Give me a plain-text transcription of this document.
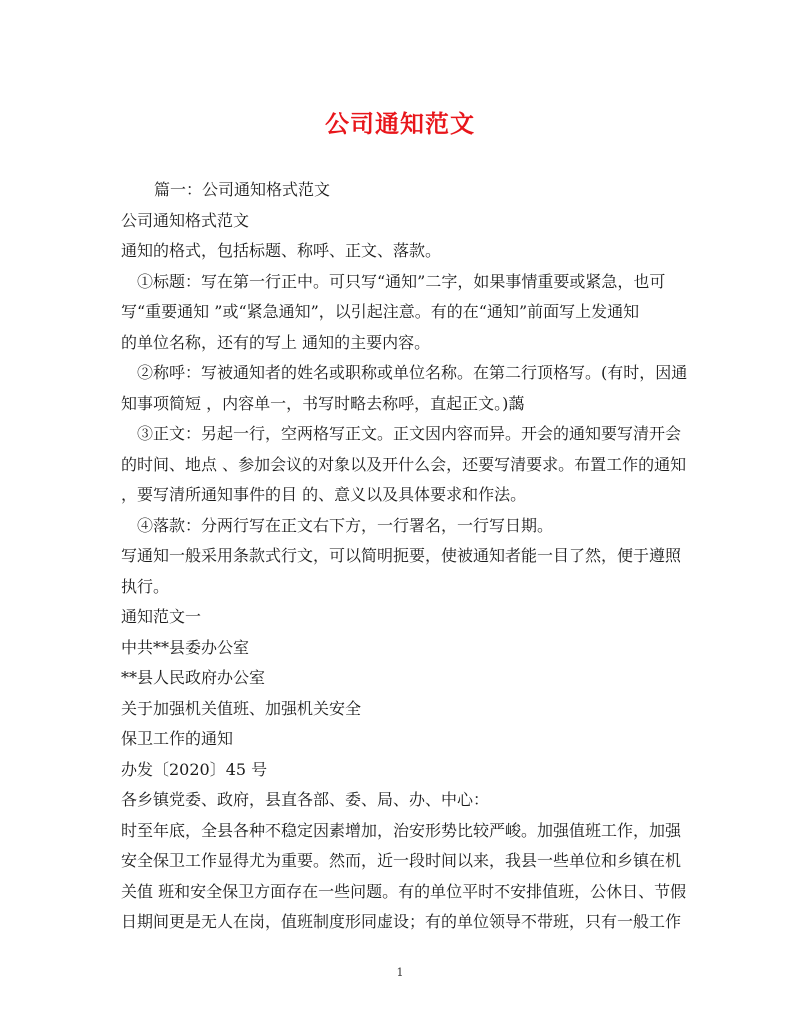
公司通知范文

篇一：公司通知格式范文

公司通知格式范文

通知的格式，包括标题、称呼、正文、落款。

①标题：写在第一行正中。可只写“通知”二字，如果事情重要或紧急，也可

写“重要通知 ”或“紧急通知”，以引起注意。有的在“通知”前面写上发通知

的单位名称，还有的写上 通知的主要内容。

②称呼：写被通知者的姓名或职称或单位名称。在第二行顶格写。(有时，因通

知事项简短 ，内容单一，书写时略去称呼，直起正文。)藹

③正文：另起一行，空两格写正文。正文因内容而异。开会的通知要写清开会

的时间、地点 、参加会议的对象以及开什么会，还要写清要求。布置工作的通知

，要写清所通知事件的目 的、意义以及具体要求和作法。

④落款：分两行写在正文右下方，一行署名，一行写日期。

写通知一般采用条款式行文，可以简明扼要，使被通知者能一目了然，便于遵照

执行。

通知范文一

中共**县委办公室

**县人民政府办公室

关于加强机关值班、加强机关安全

保卫工作的通知

办发〔2020〕45 号

各乡镇党委、政府，县直各部、委、局、办、中心：

时至年底，全县各种不稳定因素增加，治安形势比较严峻。加强值班工作，加强

安全保卫工作显得尤为重要。然而，近一段时间以来，我县一些单位和乡镇在机

关值 班和安全保卫方面存在一些问题。有的单位平时不安排值班，公休日、节假

日期间更是无人在岗，值班制度形同虚设；有的单位领导不带班，只有一般工作

1
